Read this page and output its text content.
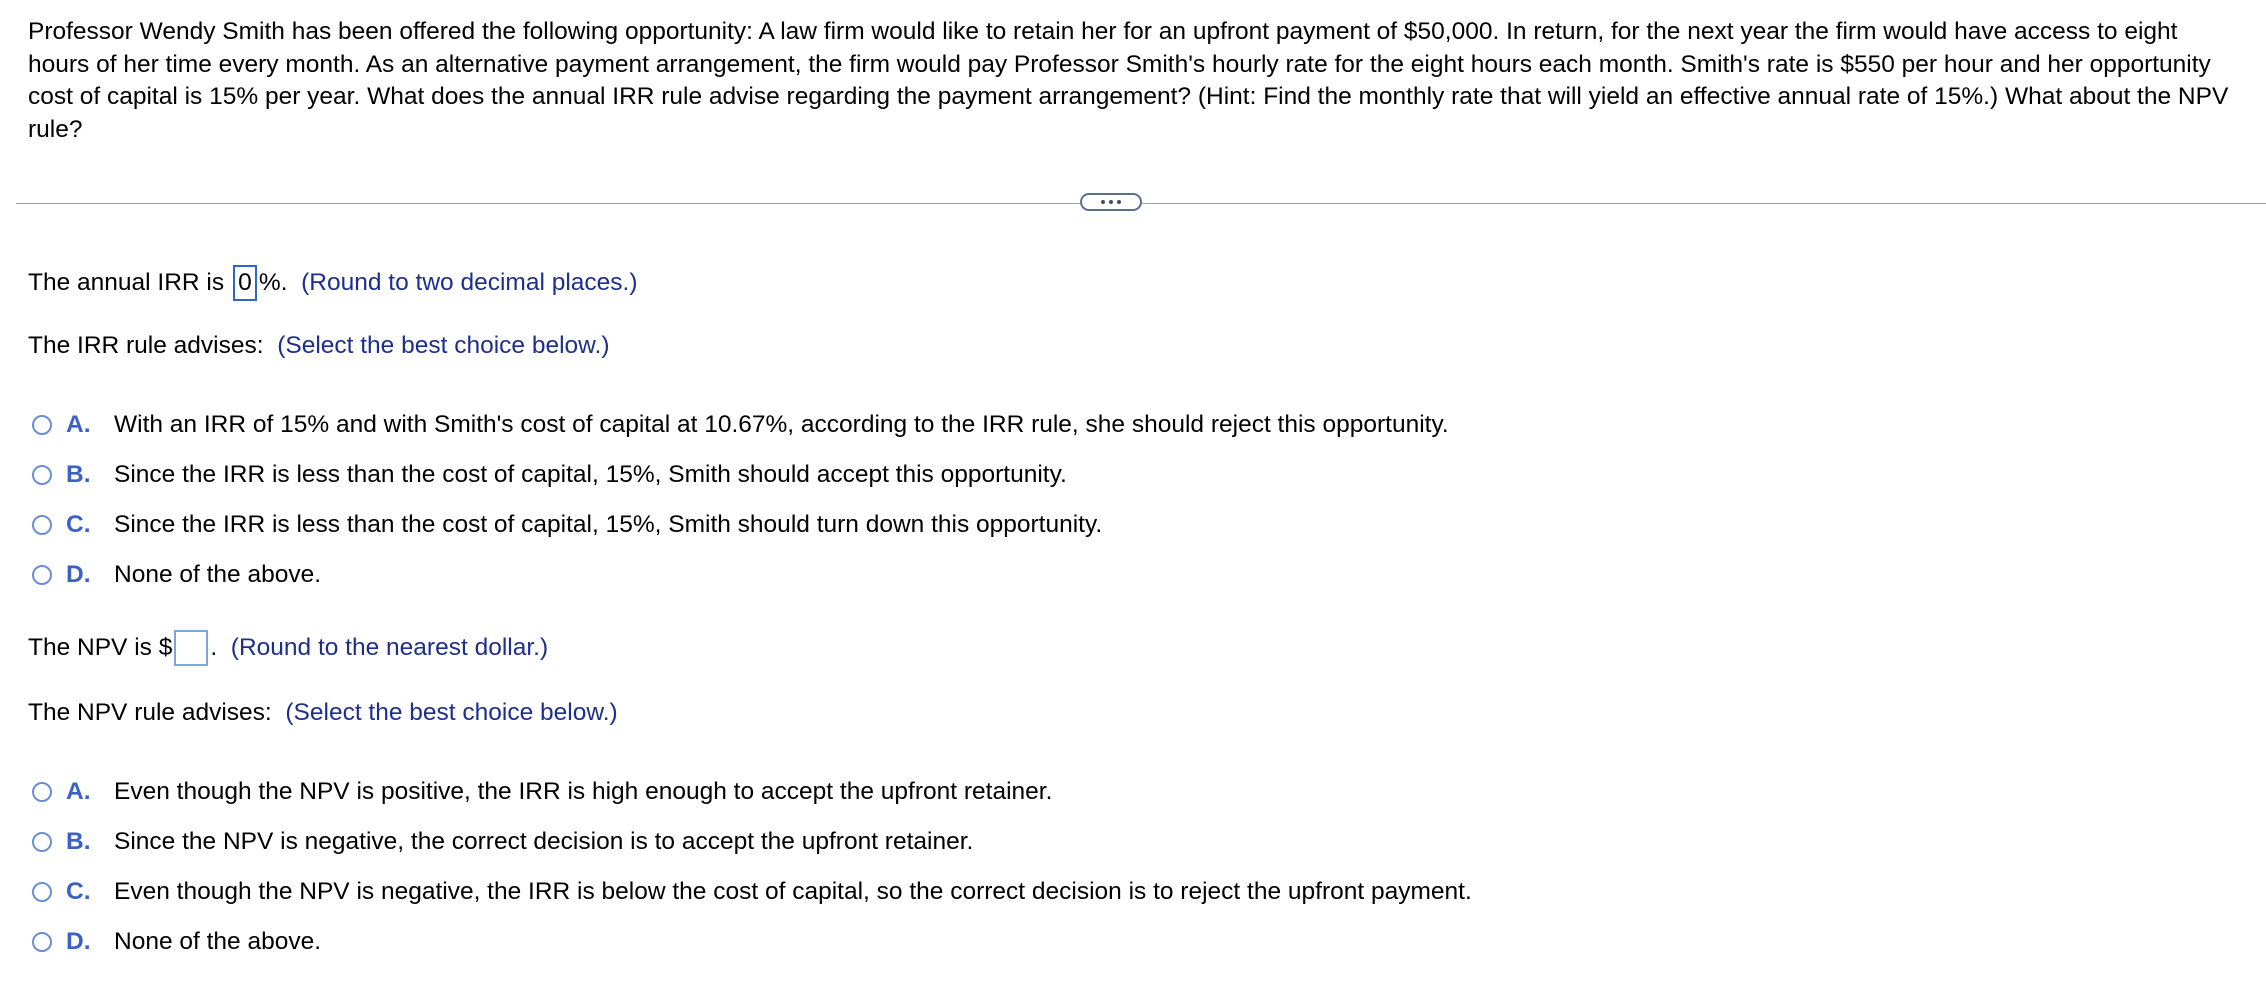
Professor Wendy Smith has been offered the following opportunity: A law firm would like to retain her for an upfront payment of $50,000. In return, for the next year the firm would have access to eight hours of her time every month. As an alternative payment arrangement, the firm would pay Professor Smith's hourly rate for the eight hours each month. Smith's rate is $550 per hour and her opportunity cost of capital is 15% per year. What does the annual IRR rule advise regarding the payment arrangement? (Hint: Find the monthly rate that will yield an effective annual rate of 15%.) What about the NPV rule?
The annual IRR is
0 %.
(Round to two decimal places.)
The IRR rule advises:
(Select the best choice below.)
A. With an IRR of 15% and with Smith's cost of capital at 10.67%, according to the IRR rule, she should reject this opportunity.
B. Since the IRR is less than the cost of capital, 15%, Smith should accept this opportunity.
C. Since the IRR is less than the cost of capital, 15%, Smith should turn down this opportunity.
D. None of the above.
The NPV is $ .
(Round to the nearest dollar.)
The NPV rule advises:
(Select the best choice below.)
A. Even though the NPV is positive, the IRR is high enough to accept the upfront retainer.
B. Since the NPV is negative, the correct decision is to accept the upfront retainer.
C. Even though the NPV is negative, the IRR is below the cost of capital, so the correct decision is to reject the upfront payment.
D. None of the above.
